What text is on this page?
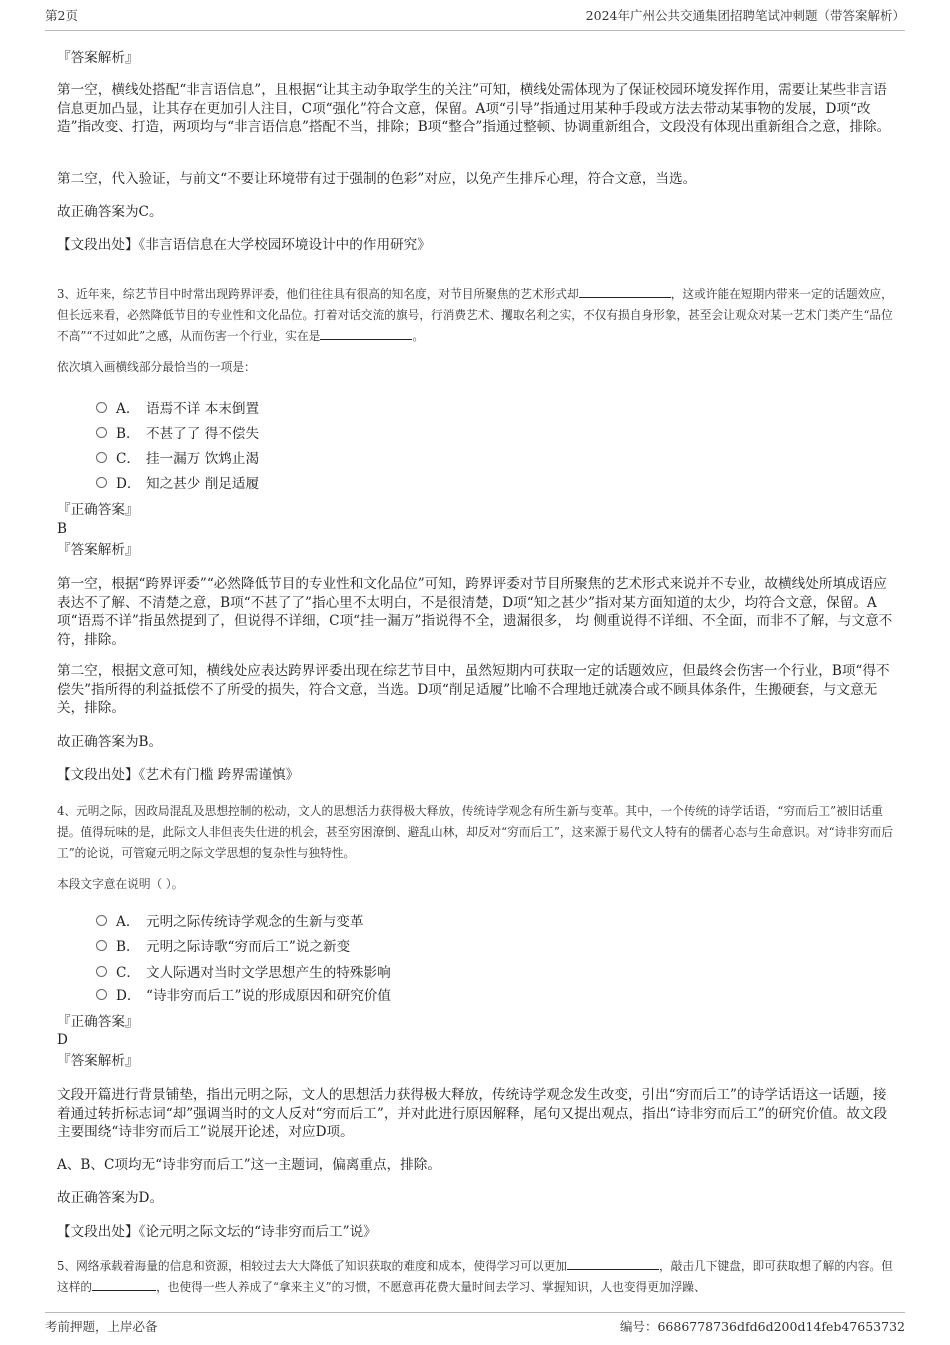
第2页	2024年广州公共交通集团招聘笔试冲刺题（带答案解析）
『答案解析』
第一空，横线处搭配“非言语信息”，且根据“让其主动争取学生的关注”可知，横线处需体现为了保证校园环境发挥作用，需要让某些非言语信息更加凸显，让其存在更加引人注目，C项“强化”符合文意，保留。A项“引导”指通过用某种手段或方法去带动某事物的发展，D项“改造”指改变、打造，两项均与“非言语信息”搭配不当，排除；B项“整合”指通过整顿、协调重新组合，文段没有体现出重新组合之意，排除。
第二空，代入验证，与前文“不要让环境带有过于强制的色彩”对应，以免产生排斥心理，符合文意，当选。
故正确答案为C。
【文段出处】《非言语信息在大学校园环境设计中的作用研究》
3、近年来，综艺节目中时常出现跨界评委，他们往往具有很高的知名度，对节目所聚焦的艺术形式却	，这或许能在短期内带来一定的话题效应，但长远来看，必然降低节目的专业性和文化品位。打着对话交流的旗号，行消费艺术、攫取名利之实，不仅有损自身形象，甚至会让观众对某一艺术门类产生“品位不高”“不过如此”之感，从而伤害一个行业，实在是	。
依次填入画横线部分最恰当的一项是：
A． 语焉不详 本末倒置
B． 不甚了了 得不偿失
C． 挂一漏万 饮鸩止渴
D． 知之甚少 削足适履
『正确答案』
B
『答案解析』
第一空，根据“跨界评委”“必然降低节目的专业性和文化品位”可知，跨界评委对节目所聚焦的艺术形式来说并不专业，故横线处所填成语应表达不了解、不清楚之意，B项“不甚了了”指心里不太明白，不是很清楚，D项“知之甚少”指对某方面知道的太少，均符合文意，保留。A项“语焉不详”指虽然提到了，但说得不详细，C项“挂一漏万”指说得不全，遗漏很多， 均 侧重说得不详细、不全面，而非不了解，与文意不符，排除。
第二空，根据文意可知，横线处应表达跨界评委出现在综艺节目中，虽然短期内可获取一定的话题效应，但最终会伤害一个行业，B项“得不偿失”指所得的利益抵偿不了所受的损失，符合文意，当选。D项“削足适履”比喻不合理地迁就凑合或不顾具体条件，生搬硬套，与文意无关，排除。
故正确答案为B。
【文段出处】《艺术有门槛 跨界需谨慎》
4、元明之际，因政局混乱及思想控制的松动，文人的思想活力获得极大释放，传统诗学观念有所生新与变革。其中，一个传统的诗学话语，“穷而后工”被旧话重提。值得玩味的是，此际文人非但丧失仕进的机会，甚至穷困潦倒、避乱山林，却反对“穷而后工”，这来源于易代文人特有的儒者心态与生命意识。对“诗非穷而后工”的论说，可管窥元明之际文学思想的复杂性与独特性。
本段文字意在说明（ ）。
A． 元明之际传统诗学观念的生新与变革
B． 元明之际诗歌“穷而后工”说之新变
C． 文人际遇对当时文学思想产生的特殊影响
D． “诗非穷而后工”说的形成原因和研究价值
『正确答案』
D
『答案解析』
文段开篇进行背景铺垫，指出元明之际，文人的思想活力获得极大释放，传统诗学观念发生改变，引出“穷而后工”的诗学话语这一话题，接着通过转折标志词“却”强调当时的文人反对“穷而后工”，并对此进行原因解释，尾句又提出观点，指出“诗非穷而后工”的研究价值。故文段主要围绕“诗非穷而后工”说展开论述，对应D项。
A、B、C项均无“诗非穷而后工”这一主题词，偏离重点，排除。
故正确答案为D。
【文段出处】《论元明之际文坛的“诗非穷而后工”说》
5、网络承载着海量的信息和资源，相较过去大大降低了知识获取的难度和成本，使得学习可以更加	，敲击几下键盘，即可获取想了解的内容。但这样的	，也使得一些人养成了“拿来主义”的习惯，不愿意再花费大量时间去学习、掌握知识，人也变得更加浮躁、
考前押题，上岸必备	编号：6686778736dfd6d200d14feb47653732
